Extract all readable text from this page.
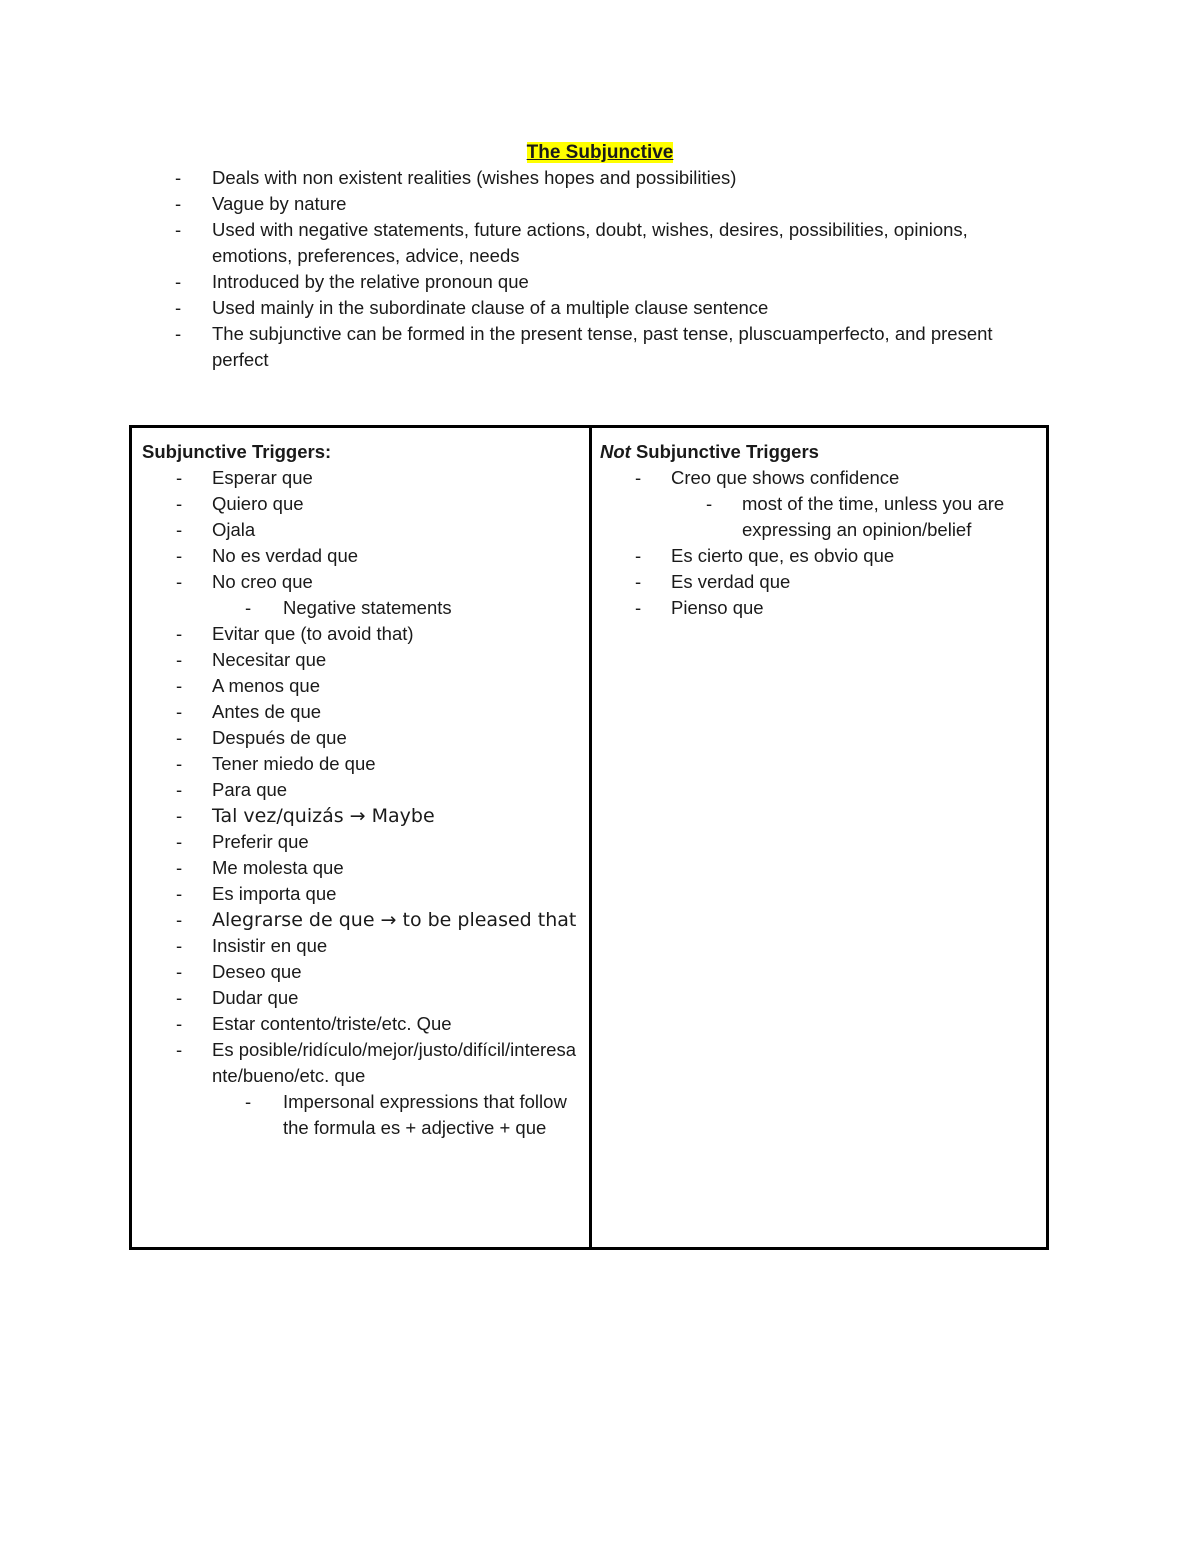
The Subjunctive
- Deals with non existent realities (wishes hopes and possibilities)
- Vague by nature
- Used with negative statements, future actions, doubt, wishes, desires, possibilities, opinions, emotions, preferences, advice, needs
- Introduced by the relative pronoun que
- Used mainly in the subordinate clause of a multiple clause sentence
- The subjunctive can be formed in the present tense, past tense, pluscuamperfecto, and present perfect
Subjunctive Triggers:
- Esperar que
- Quiero que
- Ojala
- No es verdad que
- No creo que
- Negative statements
- Evitar que (to avoid that)
- Necesitar que
- A menos que
- Antes de que
- Después de que
- Tener miedo de que
- Para que
- Tal vez/quizás → Maybe
- Preferir que
- Me molesta que
- Es importa que
- Alegrarse de que → to be pleased that
- Insistir en que
- Deseo que
- Dudar que
- Estar contento/triste/etc. Que
- Es posible/ridículo/mejor/justo/difícil/interesante/bueno/etc. que
- Impersonal expressions that follow the formula es + adjective + que
Not Subjunctive Triggers
- Creo que shows confidence
- most of the time, unless you are expressing an opinion/belief
- Es cierto que, es obvio que
- Es verdad que
- Pienso que
